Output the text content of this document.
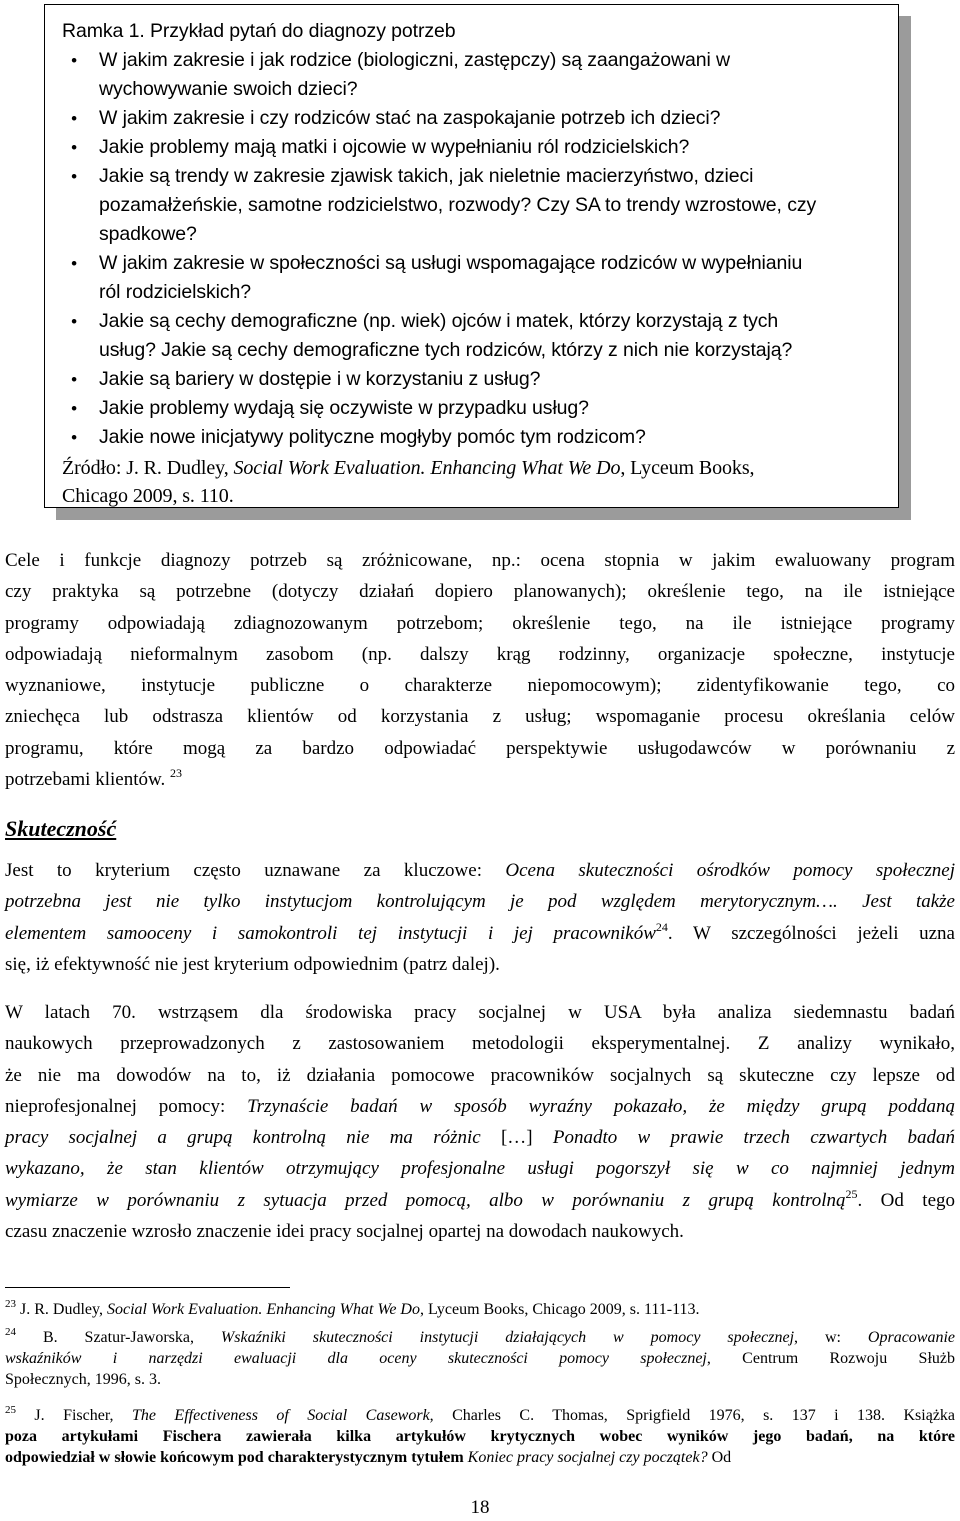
Ramka 1. Przykład pytań do diagnozy potrzeb

•	W jakim zakresie i jak rodzice (biologiczni, zastępczy) są zaangażowani w
wychowywanie swoich dzieci?
•	W jakim zakresie i czy rodziców stać na zaspokajanie potrzeb ich dzieci?
•	Jakie problemy mają matki i ojcowie w wypełnianiu ról rodzicielskich?
•	Jakie są trendy w zakresie zjawisk takich, jak nieletnie macierzyństwo, dzieci
pozamałżeńskie, samotne rodzicielstwo, rozwody? Czy SA to trendy wzrostowe, czy
spadkowe?
•	W jakim zakresie w społeczności są usługi wspomagające rodziców w wypełnianiu
ról rodzicielskich?
•	Jakie są cechy demograficzne (np. wiek) ojców i matek, którzy korzystają z tych
usług? Jakie są cechy demograficzne tych rodziców, którzy z nich nie korzystają?
•	Jakie są bariery w dostępie i w korzystaniu z usług?
•	Jakie problemy wydają się oczywiste w przypadku usług?
•	Jakie nowe inicjatywy polityczne mogłyby pomóc tym rodzicom?
Źródło: J. R. Dudley, Social Work Evaluation. Enhancing What We Do, Lyceum Books,
Chicago 2009, s. 110.
Cele i funkcje diagnozy potrzeb są zróżnicowane, np.: ocena stopnia w jakim ewaluowany program
czy praktyka są potrzebne (dotyczy działań dopiero planowanych); określenie tego, na ile istniejące
programy odpowiadają zdiagnozowanym potrzebom; określenie tego, na ile istniejące programy
odpowiadają nieformalnym zasobom (np. dalszy krąg rodzinny, organizacje społeczne, instytucje
wyznaniowe, instytucje publiczne o charakterze niepomocowym); zidentyfikowanie tego, co
zniechęca lub odstrasza klientów od korzystania z usług; wspomaganie procesu określania celów
programu, które mogą za bardzo odpowiadać perspektywie usługodawców w porównaniu z
potrzebami klientów. $^{23}$
Skuteczność
Jest to kryterium często uznawane za kluczowe: Ocena skuteczności ośrodków pomocy społecznej
potrzebna jest nie tylko instytucjom kontrolującym je pod względem merytorycznym…. Jest także
elementem samooceny i samokontroli tej instytucji i jej pracowników$^{24}$. W szczególności jeżeli uzna
się, iż efektywność nie jest kryterium odpowiednim (patrz dalej).
W latach 70. wstrząsem dla środowiska pracy socjalnej w USA była analiza siedemnastu badań
naukowych przeprowadzonych z zastosowaniem metodologii eksperymentalnej. Z analizy wynikało,
że nie ma dowodów na to, iż działania pomocowe pracowników socjalnych są skuteczne czy lepsze od
nieprofesjonalnej pomocy: Trzynaście badań w sposób wyraźny pokazało, że między grupą poddaną
pracy socjalnej a grupą kontrolną nie ma różnic […] Ponadto w prawie trzech czwartych badań
wykazano, że stan klientów otrzymujący profesjonalne usługi pogorszył się w co najmniej jednym
wymiarze w porównaniu z sytuacja przed pomocą, albo w porównaniu z grupą kontrolną$^{25}$. Od tego
czasu znaczenie wzrosło znaczenie idei pracy socjalnej opartej na dowodach naukowych.
$^{23}$ J. R. Dudley, Social Work Evaluation. Enhancing What We Do, Lyceum Books, Chicago 2009, s. 111-113.
$^{24}$ B. Szatur-Jaworska, Wskaźniki skuteczności instytucji działających w pomocy społecznej, w: Opracowanie
wskaźników i narzędzi ewaluacji dla oceny skuteczności pomocy społecznej, Centrum Rozwoju Służb
Społecznych, 1996, s. 3.
$^{25}$ J. Fischer, The Effectiveness of Social Casework, Charles C. Thomas, Sprigfield 1976, s. 137 i 138. Książka
poza artykułami Fischera zawierała kilka artykułów krytycznych wobec wyników jego badań, na które
odpowiedział w słowie końcowym pod charakterystycznym tytułem Koniec pracy socjalnej czy początek? Od
18
